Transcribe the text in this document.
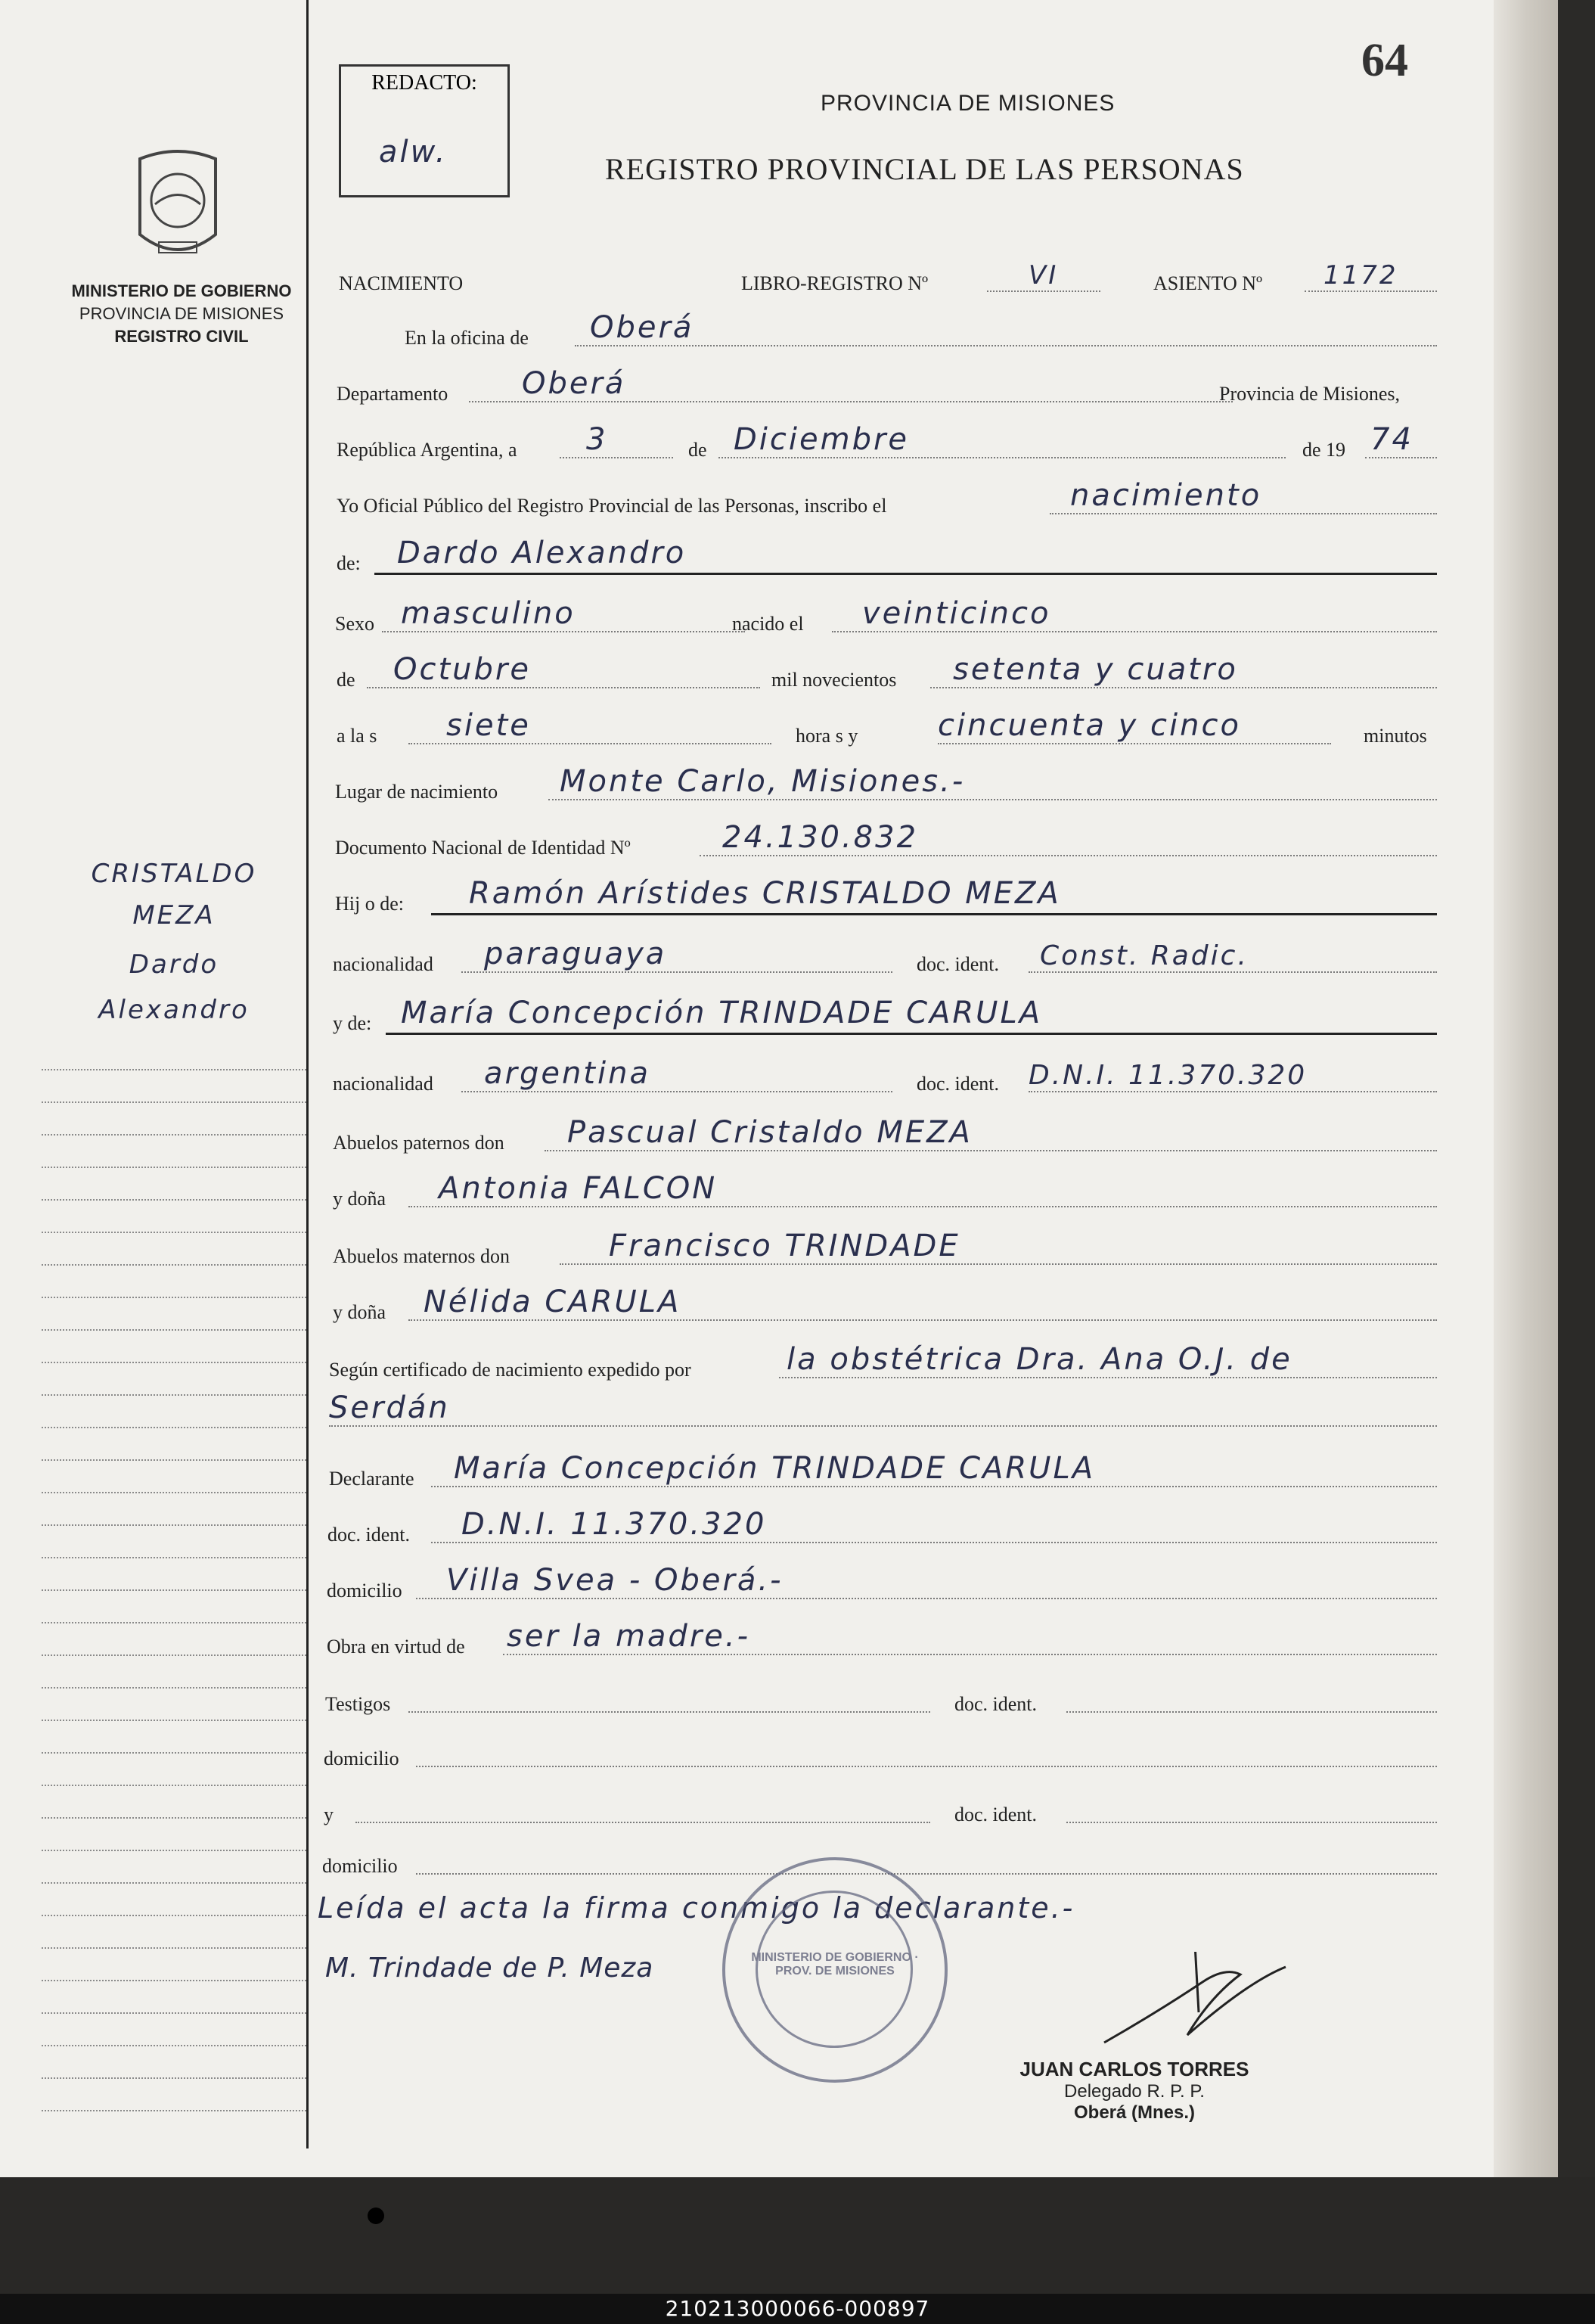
210213000066-000897
MINISTERIO DE GOBIERNO
PROVINCIA DE MISIONES
REGISTRO CIVIL
CRISTALDO
MEZA
Dardo
Alexandro
REDACTO:
alw.
64
PROVINCIA DE MISIONES
REGISTRO PROVINCIAL DE LAS PERSONAS
NACIMIENTO	LIBRO-REGISTRO Nº	VI	ASIENTO Nº 1172
En la oficina de Oberá
Departamento Oberá	Provincia de Misiones,
República Argentina, a 3	de Diciembre	de 19 74
Yo Oficial Público del Registro Provincial de las Personas, inscribo el	nacimiento
de: Dardo Alexandro
Sexo masculino	nacido el veinticinco
de Octubre	mil novecientos setenta y cuatro
a la s siete	hora s y	cincuenta y cinco	minutos
Lugar de nacimiento Monte Carlo, Misiones.-
Documento Nacional de Identidad Nº	24.130.832
Hij o de: Ramón Arístides CRISTALDO MEZA
nacionalidad paraguaya	doc. ident. Const. Radic.
y de: María Concepción TRINDADE CARULA
nacionalidad argentina	doc. ident. D.N.I. 11.370.320
Abuelos paternos don Pascual Cristaldo MEZA
y doña Antonia FALCON
Abuelos maternos don	Francisco TRINDADE
y doña Nélida CARULA
Según certificado de nacimiento expedido por	la obstétrica Dra. Ana O.J. de
Serdán
Declarante María Concepción TRINDADE CARULA
doc. ident. D.N.I. 11.370.320
domicilio Villa Svea - Oberá.-
Obra en virtud de ser la madre.-
Testigos	doc. ident.
domicilio
y	doc. ident.
domicilio
Leída el acta la firma conmigo la declarante.-
M. Trindade de P. Meza	MINISTERIO DE GOBIERNO · PROV. DE MISIONES
JUAN CARLOS TORRES
Delegado R. P. P.
Oberá (Mnes.)
